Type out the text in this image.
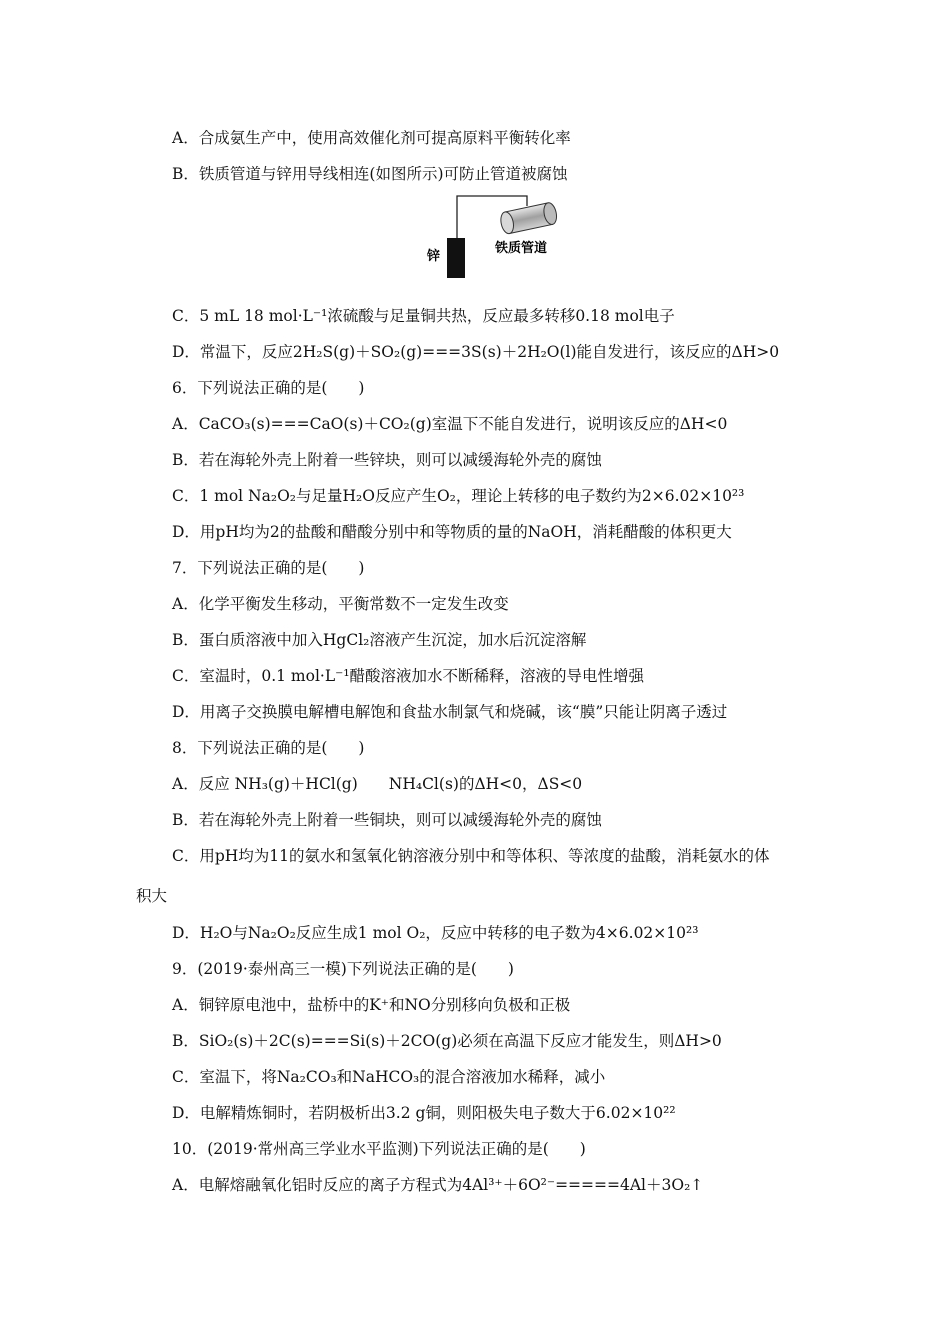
A．合成氨生产中，使用高效催化剂可提高原料平衡转化率
B．铁质管道与锌用导线相连(如图所示)可防止管道被腐蚀
锌
铁质管道
C．5 mL 18 mol·L⁻¹浓硫酸与足量铜共热，反应最多转移0.18 mol电子
D．常温下，反应2H₂S(g)＋SO₂(g)===3S(s)＋2H₂O(l)能自发进行，该反应的ΔH>0
6．下列说法正确的是(　　)
A．CaCO₃(s)===CaO(s)＋CO₂(g)室温下不能自发进行，说明该反应的ΔH<0
B．若在海轮外壳上附着一些锌块，则可以减缓海轮外壳的腐蚀
C．1 mol Na₂O₂与足量H₂O反应产生O₂，理论上转移的电子数约为2×6.02×10²³
D．用pH均为2的盐酸和醋酸分别中和等物质的量的NaOH，消耗醋酸的体积更大
7．下列说法正确的是(　　)
A．化学平衡发生移动，平衡常数不一定发生改变
B．蛋白质溶液中加入HgCl₂溶液产生沉淀，加水后沉淀溶解
C．室温时，0.1 mol·L⁻¹醋酸溶液加水不断稀释，溶液的导电性增强
D．用离子交换膜电解槽电解饱和食盐水制氯气和烧碱，该“膜”只能让阴离子透过
8．下列说法正确的是(　　)
A．反应 NH₃(g)＋HCl(g)　　NH₄Cl(s)的ΔH<0，ΔS<0
B．若在海轮外壳上附着一些铜块，则可以减缓海轮外壳的腐蚀
C．用pH均为11的氨水和氢氧化钠溶液分别中和等体积、等浓度的盐酸，消耗氨水的体
积大
D．H₂O与Na₂O₂反应生成1 mol O₂，反应中转移的电子数为4×6.02×10²³
9．(2019·泰州高三一模)下列说法正确的是(　　)
A．铜锌原电池中，盐桥中的K⁺和NO分别移向负极和正极
B．SiO₂(s)＋2C(s)===Si(s)＋2CO(g)必须在高温下反应才能发生，则ΔH>0
C．室温下，将Na₂CO₃和NaHCO₃的混合溶液加水稀释，减小
D．电解精炼铜时，若阴极析出3.2 g铜，则阳极失电子数大于6.02×10²²
10．(2019·常州高三学业水平监测)下列说法正确的是(　　)
A．电解熔融氧化铝时反应的离子方程式为4Al³⁺＋6O²⁻=====4Al＋3O₂↑
